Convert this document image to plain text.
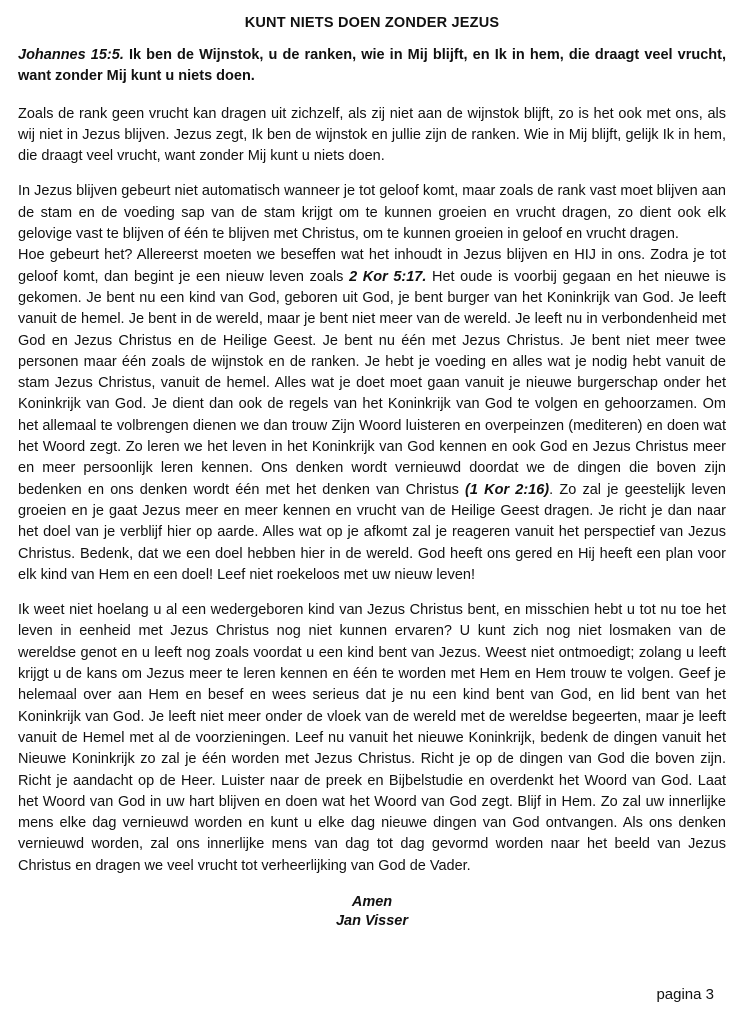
KUNT NIETS DOEN ZONDER JEZUS

Johannes 15:5. Ik ben de Wijnstok, u de ranken, wie in Mij blijft, en Ik in hem, die draagt veel vrucht, want zonder Mij kunt u niets doen.

Zoals de rank geen vrucht kan dragen uit zichzelf, als zij niet aan de wijnstok blijft, zo is het ook met ons, als wij niet in Jezus blijven. Jezus zegt, Ik ben de wijnstok en jullie zijn de ranken. Wie in Mij blijft, gelijk Ik in hem, die draagt veel vrucht, want zonder Mij kunt u niets doen.

In Jezus blijven gebeurt niet automatisch wanneer je tot geloof komt, maar zoals de rank vast moet blijven aan de stam en de voeding sap van de stam krijgt om te kunnen groeien en vrucht dragen, zo dient ook elk gelovige vast te blijven of één te blijven met Christus, om te kunnen groeien in geloof en vrucht dragen.

Hoe gebeurt het? Allereerst moeten we beseffen wat het inhoudt in Jezus blijven en HIJ in ons. Zodra je tot geloof komt, dan begint je een nieuw leven zoals 2 Kor 5:17. Het oude is voorbij gegaan en het nieuwe is gekomen. Je bent nu een kind van God, geboren uit God, je bent burger van het Koninkrijk van God. Je leeft vanuit de hemel. Je bent in de wereld, maar je bent niet meer van de wereld. Je leeft nu in verbondenheid met God en Jezus Christus en de Heilige Geest. Je bent nu één met Jezus Christus. Je bent niet meer twee personen maar één zoals de wijnstok en de ranken. Je hebt je voeding en alles wat je nodig hebt vanuit de stam Jezus Christus, vanuit de hemel. Alles wat je doet moet gaan vanuit je nieuwe burgerschap onder het Koninkrijk van God. Je dient dan ook de regels van het Koninkrijk van God te volgen en gehoorzamen. Om het allemaal te volbrengen dienen we dan trouw Zijn Woord luisteren en overpeinzen (mediteren) en doen wat het Woord zegt. Zo leren we het leven in het Koninkrijk van God kennen en ook God en Jezus Christus meer en meer persoonlijk leren kennen. Ons denken wordt vernieuwd doordat we de dingen die boven zijn bedenken en ons denken wordt één met het denken van Christus (1 Kor 2:16). Zo zal je geestelijk leven groeien en je gaat Jezus meer en meer kennen en vrucht van de Heilige Geest dragen. Je richt je dan naar het doel van je verblijf hier op aarde. Alles wat op je afkomt zal je reageren vanuit het perspectief van Jezus Christus. Bedenk, dat we een doel hebben hier in de wereld. God heeft ons gered en Hij heeft een plan voor elk kind van Hem en een doel! Leef niet roekeloos met uw nieuw leven!

Ik weet niet hoelang u al een wedergeboren kind van Jezus Christus bent, en misschien hebt u tot nu toe het leven in eenheid met Jezus Christus nog niet kunnen ervaren? U kunt zich nog niet losmaken van de wereldse genot en u leeft nog zoals voordat u een kind bent van Jezus. Weest niet ontmoedigt; zolang u leeft krijgt u de kans om Jezus meer te leren kennen en één te worden met Hem en Hem trouw te volgen. Geef je helemaal over aan Hem en besef en wees serieus dat je nu een kind bent van God, en lid bent van het Koninkrijk van God. Je leeft niet meer onder de vloek van de wereld met de wereldse begeerten, maar je leeft vanuit de Hemel met al de voorzieningen. Leef nu vanuit het nieuwe Koninkrijk, bedenk de dingen vanuit het Nieuwe Koninkrijk zo zal je één worden met Jezus Christus. Richt je op de dingen van God die boven zijn. Richt je aandacht op de Heer. Luister naar de preek en Bijbelstudie en overdenkt het Woord van God. Laat het Woord van God in uw hart blijven en doen wat het Woord van God zegt. Blijf in Hem. Zo zal uw innerlijke mens elke dag vernieuwd worden en kunt u elke dag nieuwe dingen van God ontvangen. Als ons denken vernieuwd worden, zal ons innerlijke mens van dag tot dag gevormd worden naar het beeld van Jezus Christus en dragen we veel vrucht tot verheerlijking van God de Vader.

Amen
Jan Visser
pagina 3
